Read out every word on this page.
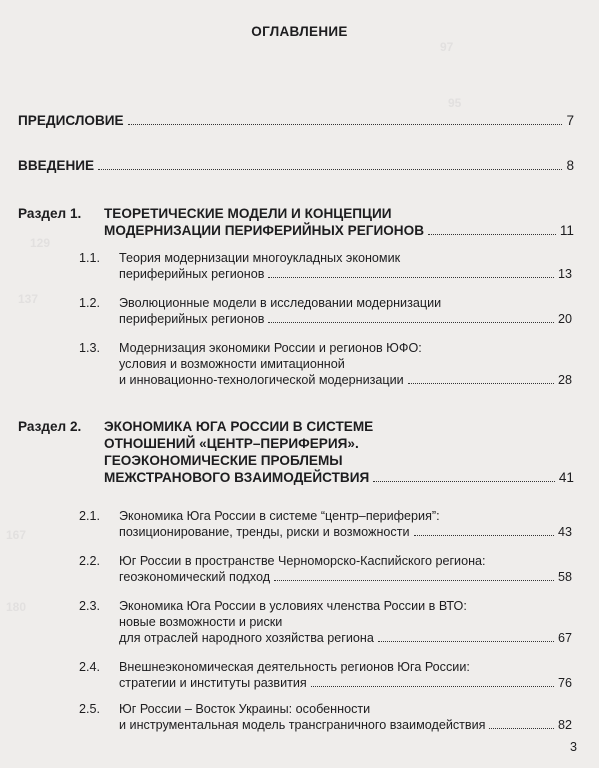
97
95
129
137
167
180
ОГЛАВЛЕНИЕ
ПРЕДИСЛОВИЕ	7
ВВЕДЕНИЕ	8
Раздел 1. ТЕОРЕТИЧЕСКИЕ МОДЕЛИ И КОНЦЕПЦИИ
МОДЕРНИЗАЦИИ ПЕРИФЕРИЙНЫХ РЕГИОНОВ	11
1.1. Теория модернизации многоукладных экономик
периферийных регионов	13
1.2. Эволюционные модели в исследовании модернизации
периферийных регионов	20
1.3. Модернизация экономики России и регионов ЮФО:
условия и возможности имитационной
и инновационно-технологической модернизации	28
Раздел 2. ЭКОНОМИКА ЮГА РОССИИ В СИСТЕМЕ
ОТНОШЕНИЙ «ЦЕНТР–ПЕРИФЕРИЯ».
ГЕОЭКОНОМИЧЕСКИЕ ПРОБЛЕМЫ
МЕЖСТРАНОВОГО ВЗАИМОДЕЙСТВИЯ	41
2.1. Экономика Юга России в системе “центр–периферия”:
позиционирование, тренды, риски и возможности	43
2.2. Юг России в пространстве Черноморско-Каспийского региона:
геоэкономический подход	58
2.3. Экономика Юга России в условиях членства России в ВТО:
новые возможности и риски
для отраслей народного хозяйства региона	67
2.4. Внешнеэкономическая деятельность регионов Юга России:
стратегии и институты развития	76
2.5. Юг России – Восток Украины: особенности
и инструментальная модель трансграничного взаимодействия	82
3
